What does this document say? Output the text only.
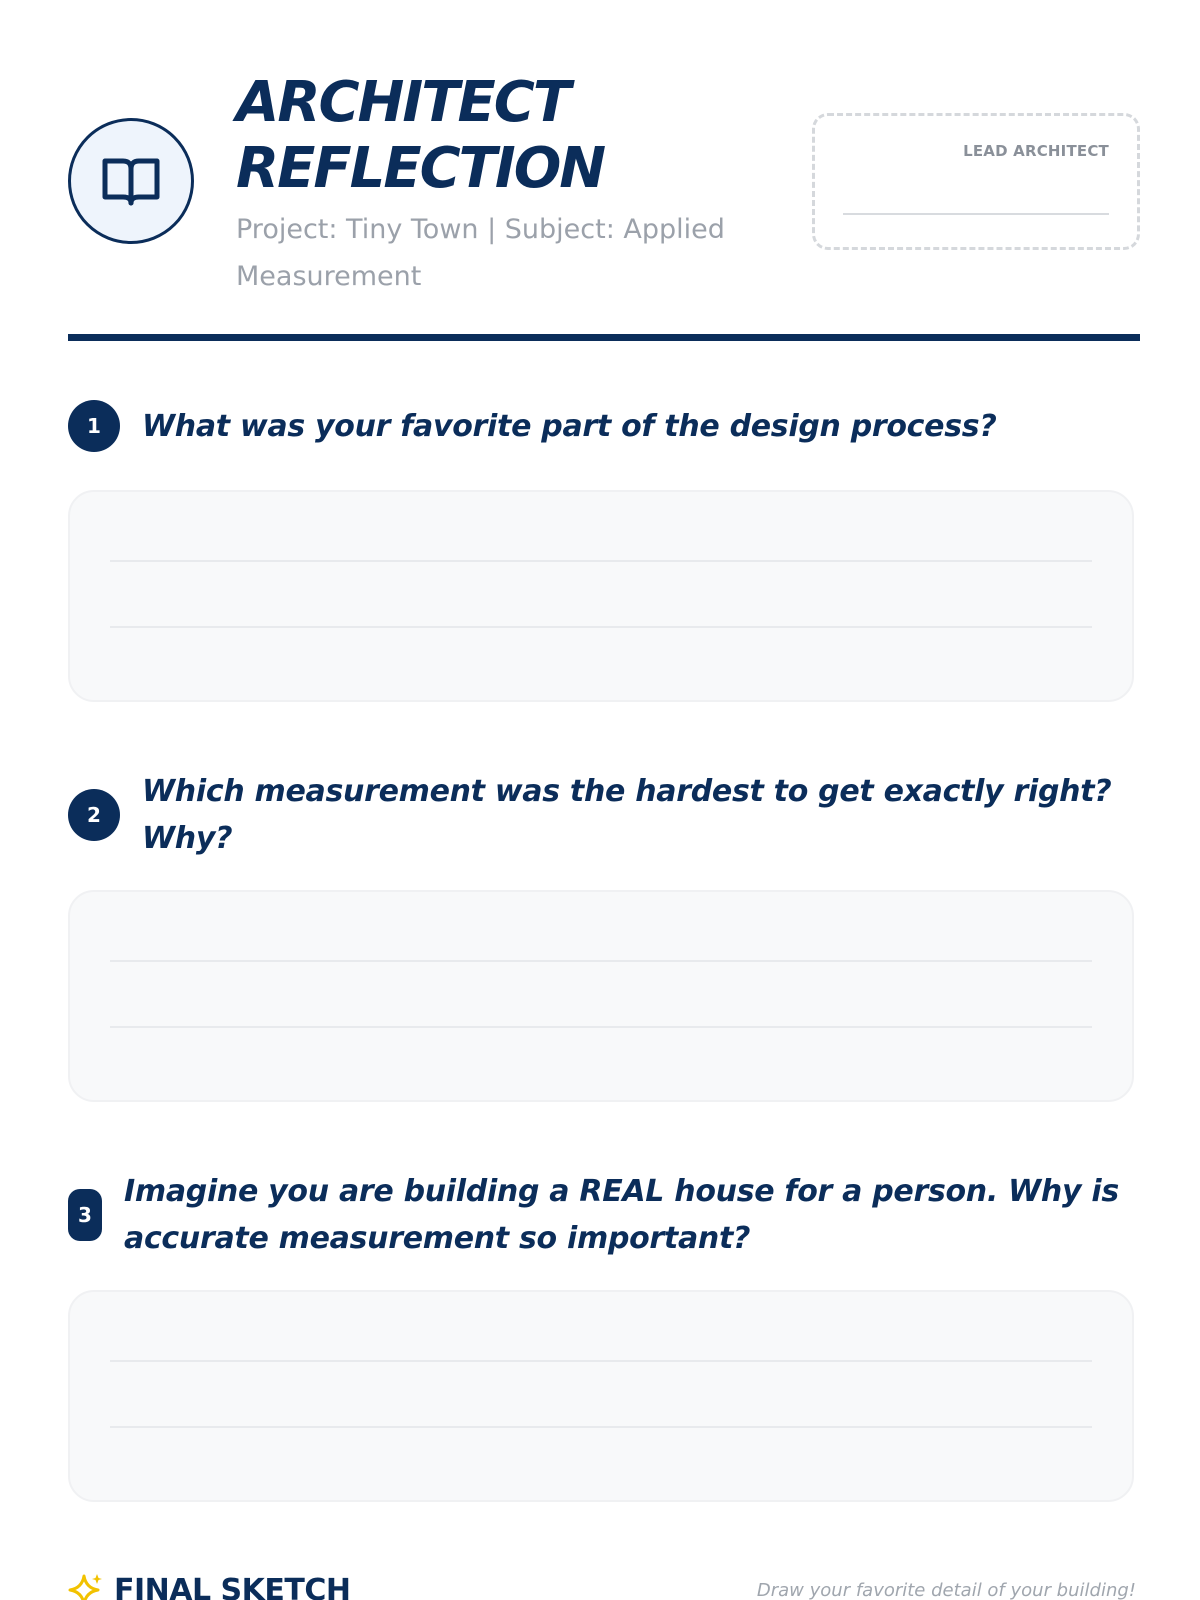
ARCHITECT
REFLECTION
Project: Tiny Town | Subject: Applied
Measurement
LEAD ARCHITECT
1	What was your favorite part of the design process?
2
Which measurement was the hardest to get exactly right?
Why?
3
Imagine you are building a REAL house for a person. Why is
accurate measurement so important?
FINAL SKETCH	Draw your favorite detail of your building!
